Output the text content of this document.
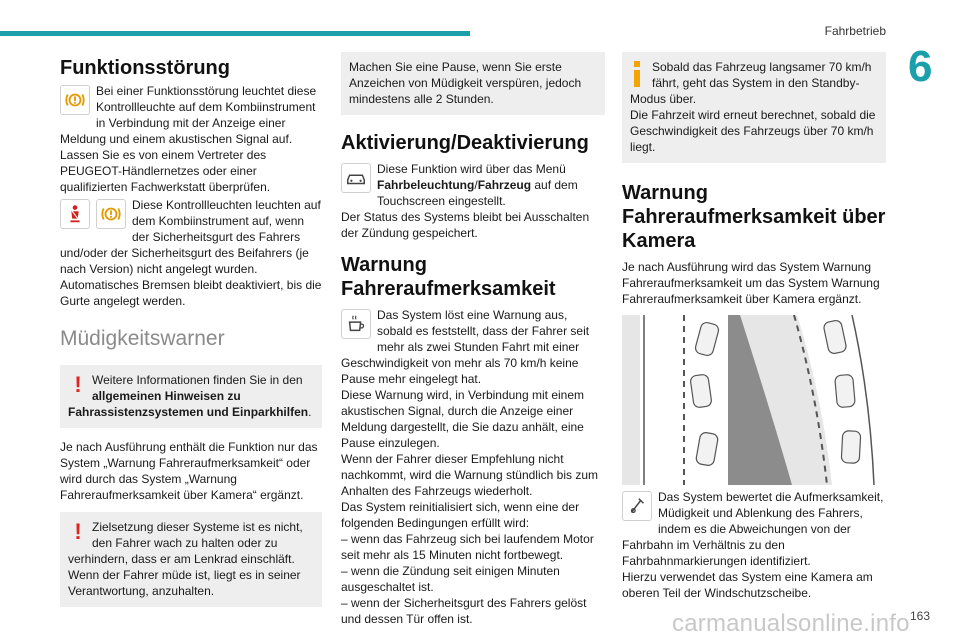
Fahrbetrieb
6
Funktionsstörung

Bei einer Funktionsstörung leuchtet diese Kontrollleuchte auf dem Kombiinstrument in Verbindung mit der Anzeige einer Meldung und einem akustischen Signal auf.

Lassen Sie es von einem Vertreter des PEUGEOT-Händlernetzes oder einer qualifizierten Fachwerkstatt überprüfen.

Diese Kontrollleuchten leuchten auf dem Kombiinstrument auf, wenn der Sicherheitsgurt des Fahrers und/oder der Sicherheitsgurt des Beifahrers (je nach Version) nicht angelegt wurden. Automatisches Bremsen bleibt deaktiviert, bis die Gurte angelegt werden.

Müdigkeitswarner
! Weitere Informationen finden Sie in den allgemeinen Hinweisen zu Fahrassistenzsystemen und Einparkhilfen.

Je nach Ausführung enthält die Funktion nur das System „Warnung Fahreraufmerksamkeit“ oder wird durch das System „Warnung Fahreraufmerksamkeit über Kamera“ ergänzt.

! Zielsetzung dieser Systeme ist es nicht, den Fahrer wach zu halten oder zu verhindern, dass er am Lenkrad einschläft.

Wenn der Fahrer müde ist, liegt es in seiner Verantwortung, anzuhalten.

Machen Sie eine Pause, wenn Sie erste Anzeichen von Müdigkeit verspüren, jedoch mindestens alle 2 Stunden.

Aktivierung/Deaktivierung

Diese Funktion wird über das Menü Fahrbeleuchtung/Fahrzeug auf dem Touchscreen eingestellt.

Der Status des Systems bleibt bei Ausschalten der Zündung gespeichert.

Warnung Fahreraufmerksamkeit

Das System löst eine Warnung aus, sobald es feststellt, dass der Fahrer seit mehr als zwei Stunden Fahrt mit einer Geschwindigkeit von mehr als 70 km/h keine Pause mehr eingelegt hat.

Diese Warnung wird, in Verbindung mit einem akustischen Signal, durch die Anzeige einer Meldung dargestellt, die Sie dazu anhält, eine Pause einzulegen.

Wenn der Fahrer dieser Empfehlung nicht nachkommt, wird die Warnung stündlich bis zum Anhalten des Fahrzeugs wiederholt.

Das System reinitialisiert sich, wenn eine der folgenden Bedingungen erfüllt wird:

– wenn das Fahrzeug sich bei laufendem Motor seit mehr als 15 Minuten nicht fortbewegt.

– wenn die Zündung seit einigen Minuten ausgeschaltet ist.

– wenn der Sicherheitsgurt des Fahrers gelöst und dessen Tür offen ist.

Sobald das Fahrzeug langsamer 70 km/h fährt, geht das System in den Standby-Modus über.

Die Fahrzeit wird erneut berechnet, sobald die Geschwindigkeit des Fahrzeugs über 70 km/h liegt.

Warnung Fahreraufmerksamkeit über Kamera

Je nach Ausführung wird das System Warnung Fahreraufmerksamkeit um das System Warnung Fahreraufmerksamkeit über Kamera ergänzt.

Das System bewertet die Aufmerksamkeit, Müdigkeit und Ablenkung des Fahrers, indem es die Abweichungen von der Fahrbahn im Verhältnis zu den Fahrbahnmarkierungen identifiziert.

Hierzu verwendet das System eine Kamera am oberen Teil der Windschutzscheibe.

carmanualsonline.info 163
